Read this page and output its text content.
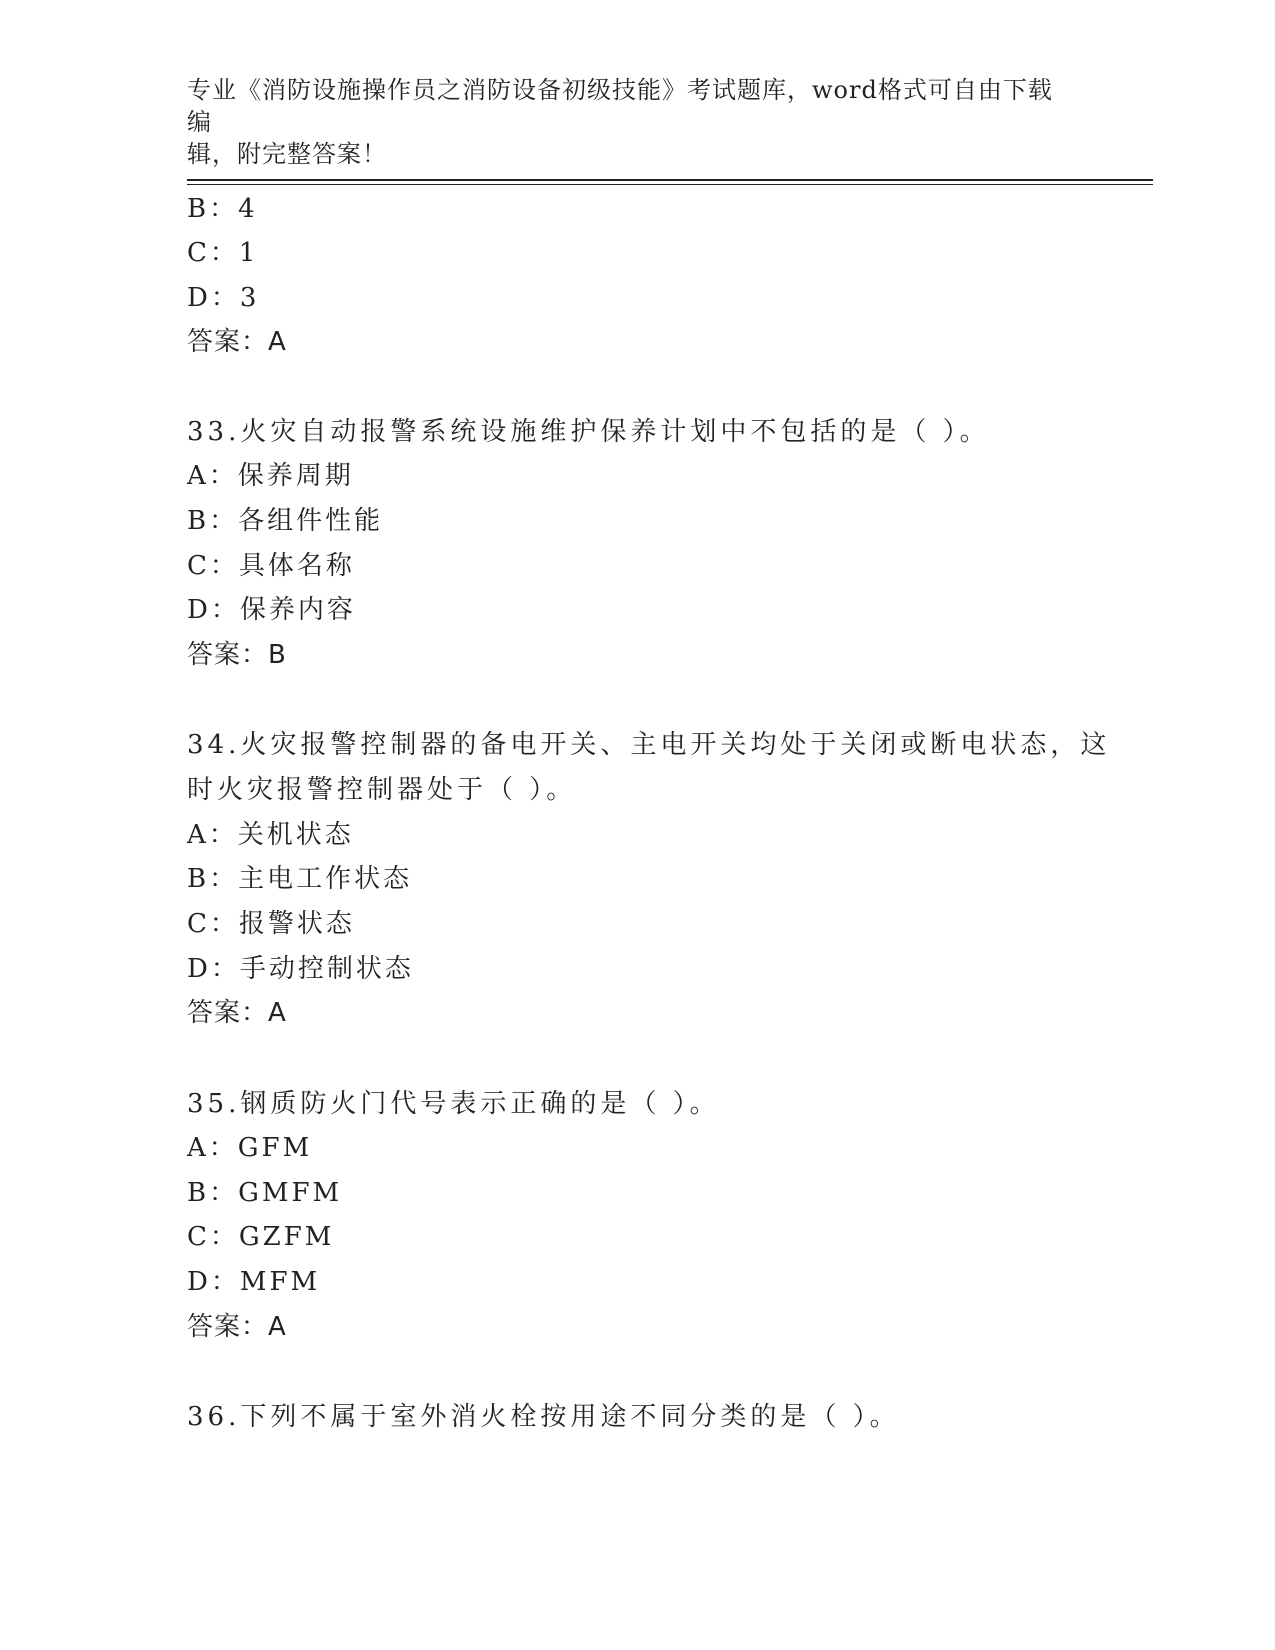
专业《消防设施操作员之消防设备初级技能》考试题库，word格式可自由下载编
辑，附完整答案！
B：4
C：1
D：3
答案：A
33.火灾自动报警系统设施维护保养计划中不包括的是（ ）。
A：保养周期
B：各组件性能
C：具体名称
D：保养内容
答案：B
34.火灾报警控制器的备电开关、主电开关均处于关闭或断电状态，这
时火灾报警控制器处于（ ）。
A：关机状态
B：主电工作状态
C：报警状态
D：手动控制状态
答案：A
35.钢质防火门代号表示正确的是（ ）。
A：GFM
B：GMFM
C：GZFM
D：MFM
答案：A
36.下列不属于室外消火栓按用途不同分类的是（ ）。
